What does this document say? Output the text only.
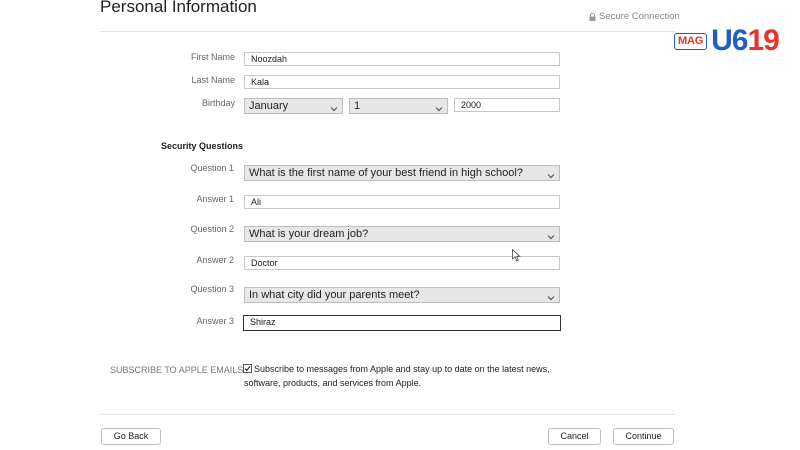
Personal Information
Secure Connection
MAG U6 19
First Name	Noozdah
Last Name	Kala
Birthday	January	1	2000
Security Questions
Question 1	What is the first name of your best friend in high school?
Answer 1	Ali
Question 2	What is your dream job?
Answer 2	Doctor
Question 3	In what city did your parents meet?
Answer 3	Shiraz
SUBSCRIBE TO APPLE EMAILS Subscribe to messages from Apple and stay up to date on the latest news,
software, products, and services from Apple.
Go Back	Cancel	Continue
